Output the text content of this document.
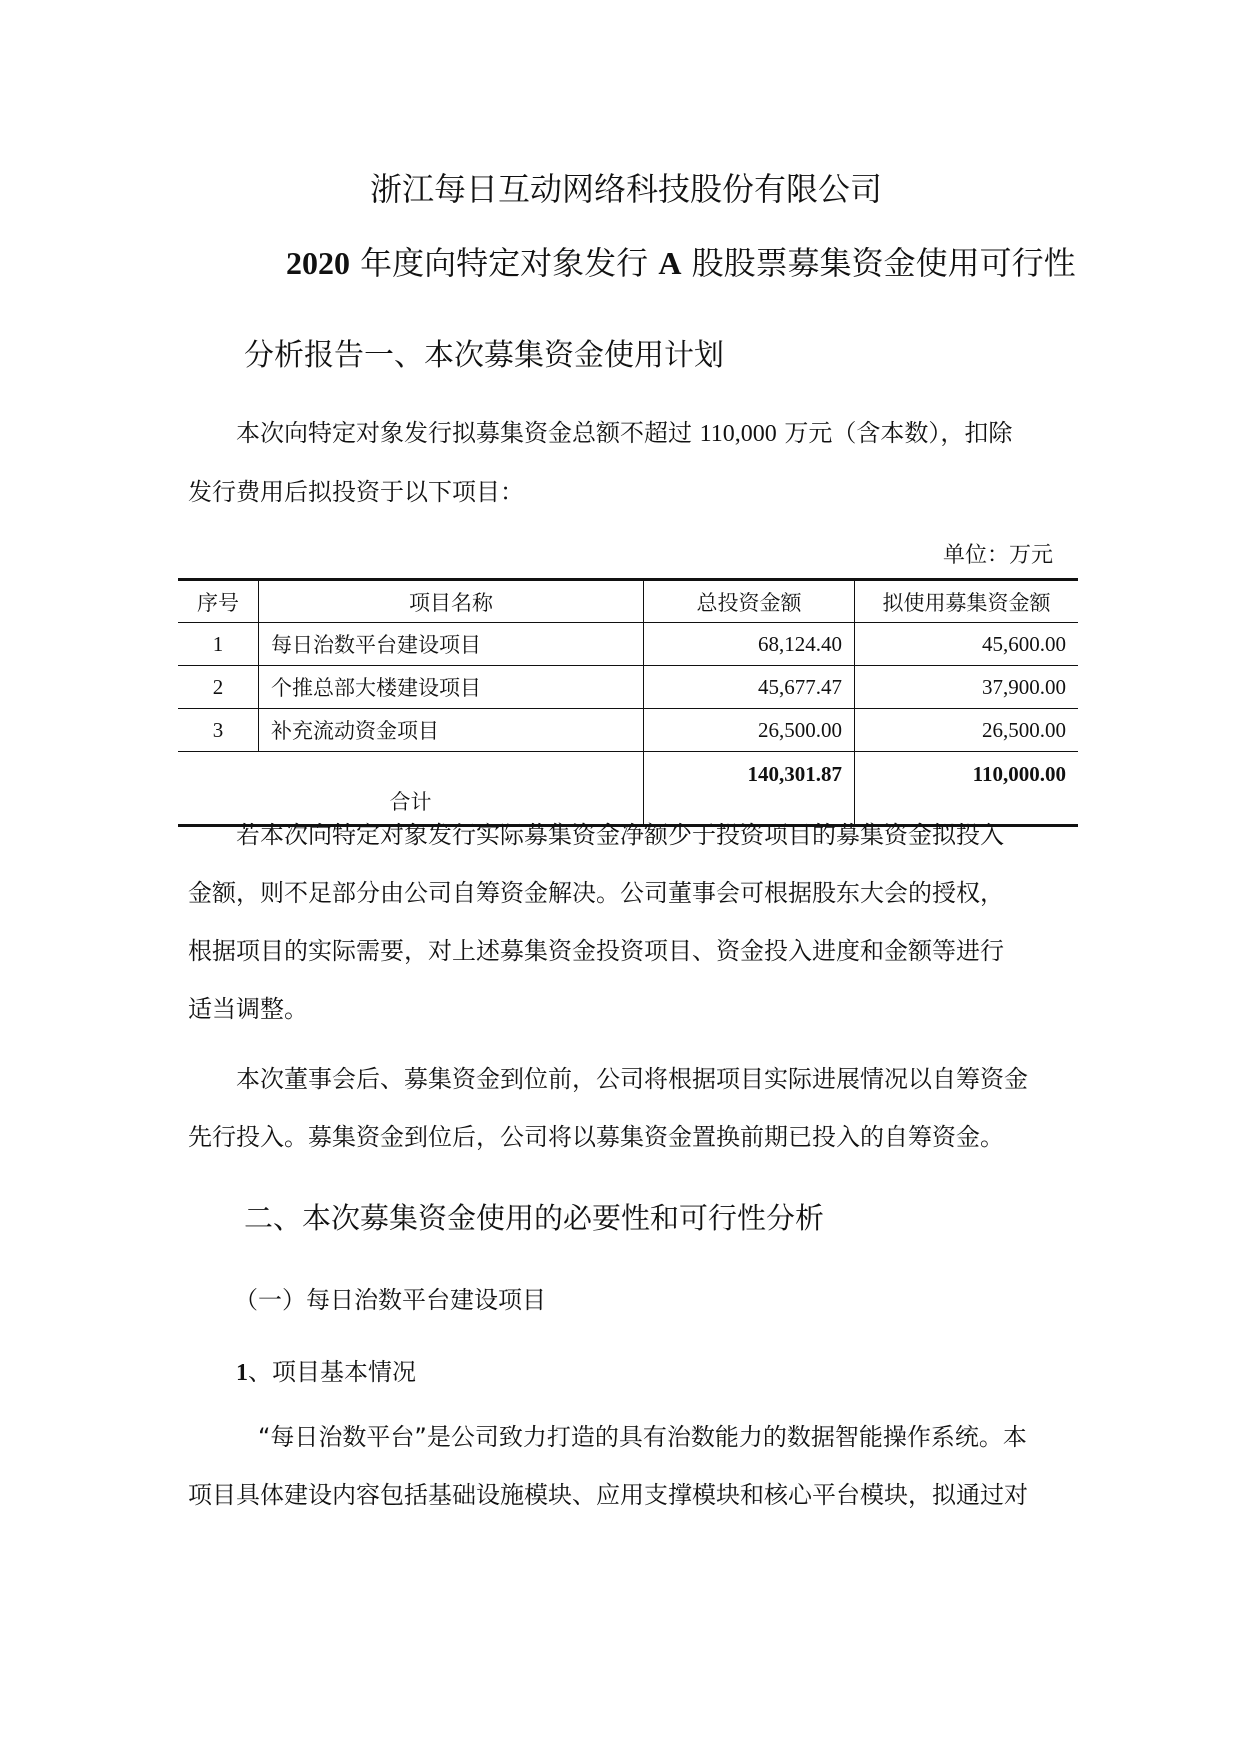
浙江每日互动网络科技股份有限公司
2020 年度向特定对象发行 A 股股票募集资金使用可行性
分析报告一、本次募集资金使用计划
本次向特定对象发行拟募集资金总额不超过 110,000 万元（含本数），扣除
发行费用后拟投资于以下项目：
单位：万元
序号	项目名称	总投资金额	拟使用募集资金额
1	每日治数平台建设项目	68,124.40	45,600.00
2	个推总部大楼建设项目	45,677.47	37,900.00
3	补充流动资金项目	26,500.00	26,500.00
合计		140,301.87	110,000.00
若本次向特定对象发行实际募集资金净额少于投资项目的募集资金拟投入
金额，则不足部分由公司自筹资金解决。公司董事会可根据股东大会的授权，
根据项目的实际需要，对上述募集资金投资项目、资金投入进度和金额等进行
适当调整。
本次董事会后、募集资金到位前，公司将根据项目实际进展情况以自筹资金
先行投入。募集资金到位后，公司将以募集资金置换前期已投入的自筹资金。
二、本次募集资金使用的必要性和可行性分析
（一）每日治数平台建设项目
1、项目基本情况
“每日治数平台”是公司致力打造的具有治数能力的数据智能操作系统。本
项目具体建设内容包括基础设施模块、应用支撑模块和核心平台模块，拟通过对
